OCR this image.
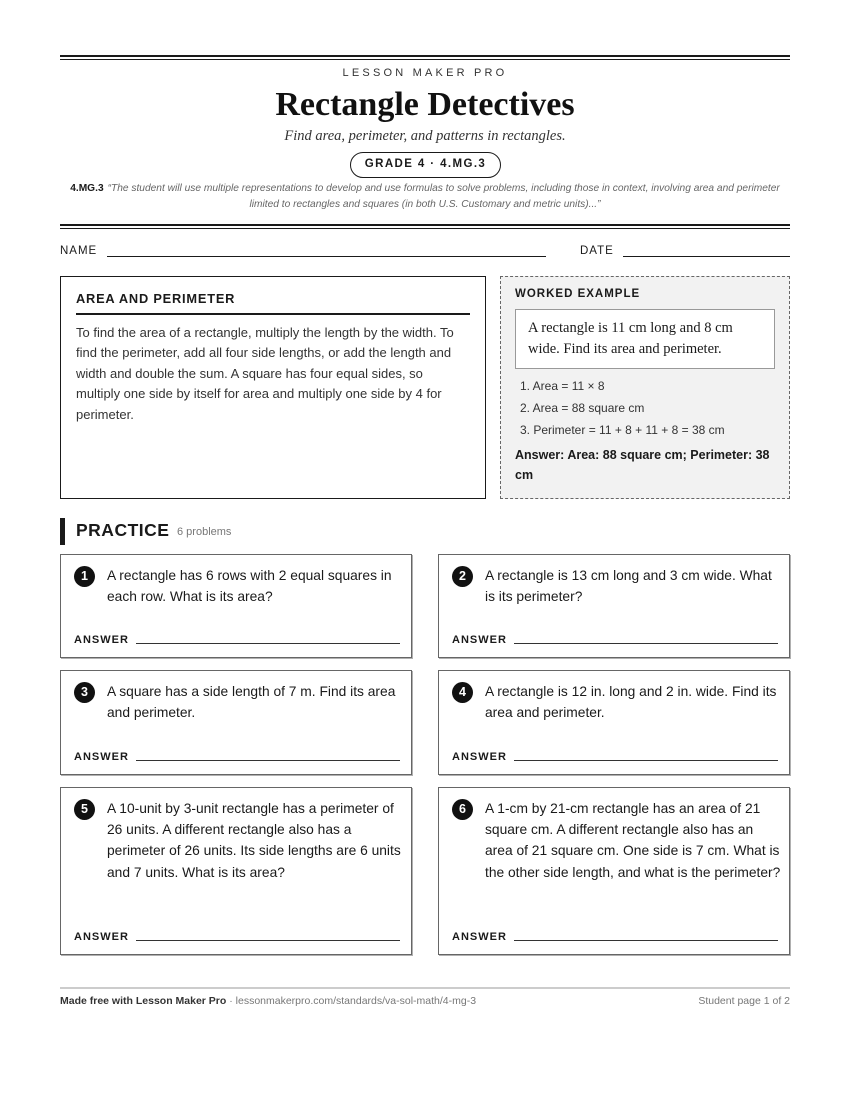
LESSON MAKER PRO
Rectangle Detectives
Find area, perimeter, and patterns in rectangles.
GRADE 4 · 4.MG.3
4.MG.3 “The student will use multiple representations to develop and use formulas to solve problems, including those in context, involving area and perimeter limited to rectangles and squares (in both U.S. Customary and metric units)...”
NAME	DATE
AREA AND PERIMETER
To find the area of a rectangle, multiply the length by the width. To find the perimeter, add all four side lengths, or add the length and width and double the sum. A square has four equal sides, so multiply one side by itself for area and multiply one side by 4 for perimeter.
WORKED EXAMPLE
A rectangle is 11 cm long and 8 cm wide. Find its area and perimeter.
1. Area = 11 × 8
2. Area = 88 square cm
3. Perimeter = 11 + 8 + 11 + 8 = 38 cm
Answer: Area: 88 square cm; Perimeter: 38 cm
PRACTICE 6 problems
1	A rectangle has 6 rows with 2 equal squares in each row. What is its area?
ANSWER
2	A rectangle is 13 cm long and 3 cm wide. What is its perimeter?
ANSWER
3	A square has a side length of 7 m. Find its area and perimeter.
ANSWER
4	A rectangle is 12 in. long and 2 in. wide. Find its area and perimeter.
ANSWER
5	A 10-unit by 3-unit rectangle has a perimeter of 26 units. A different rectangle also has a perimeter of 26 units. Its side lengths are 6 units and 7 units. What is its area?
ANSWER
6	A 1-cm by 21-cm rectangle has an area of 21 square cm. A different rectangle also has an area of 21 square cm. One side is 7 cm. What is the other side length, and what is the perimeter?
ANSWER
Made free with Lesson Maker Pro · lessonmakerpro.com/standards/va-sol-math/4-mg-3	Student page 1 of 2
